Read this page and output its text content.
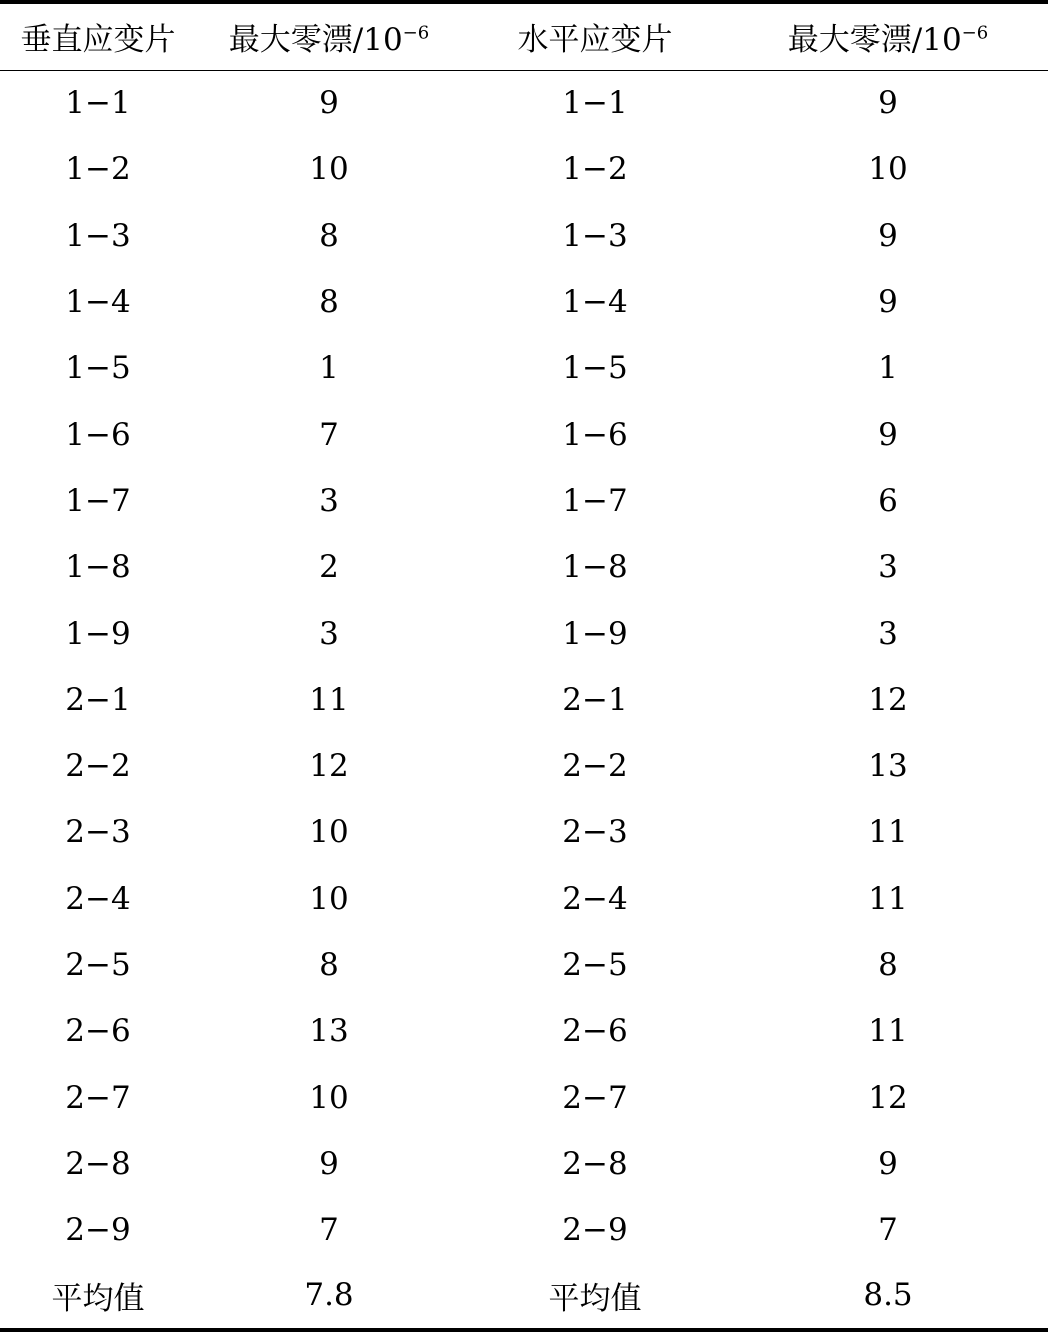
垂直应变片	最大零漂$/10^{-6}$	水平应变片	最大零漂$/10^{-6}$
1−1	9	1−1	9
1−2	10	1−2	10
1−3	8	1−3	9
1−4	8	1−4	9
1−5	1	1−5	1
1−6	7	1−6	9
1−7	3	1−7	6
1−8	2	1−8	3
1−9	3	1−9	3
2−1	11	2−1	12
2−2	12	2−2	13
2−3	10	2−3	11
2−4	10	2−4	11
2−5	8	2−5	8
2−6	13	2−6	11
2−7	10	2−7	12
2−8	9	2−8	9
2−9	7	2−9	7
平均值	7.8	平均值	8.5
